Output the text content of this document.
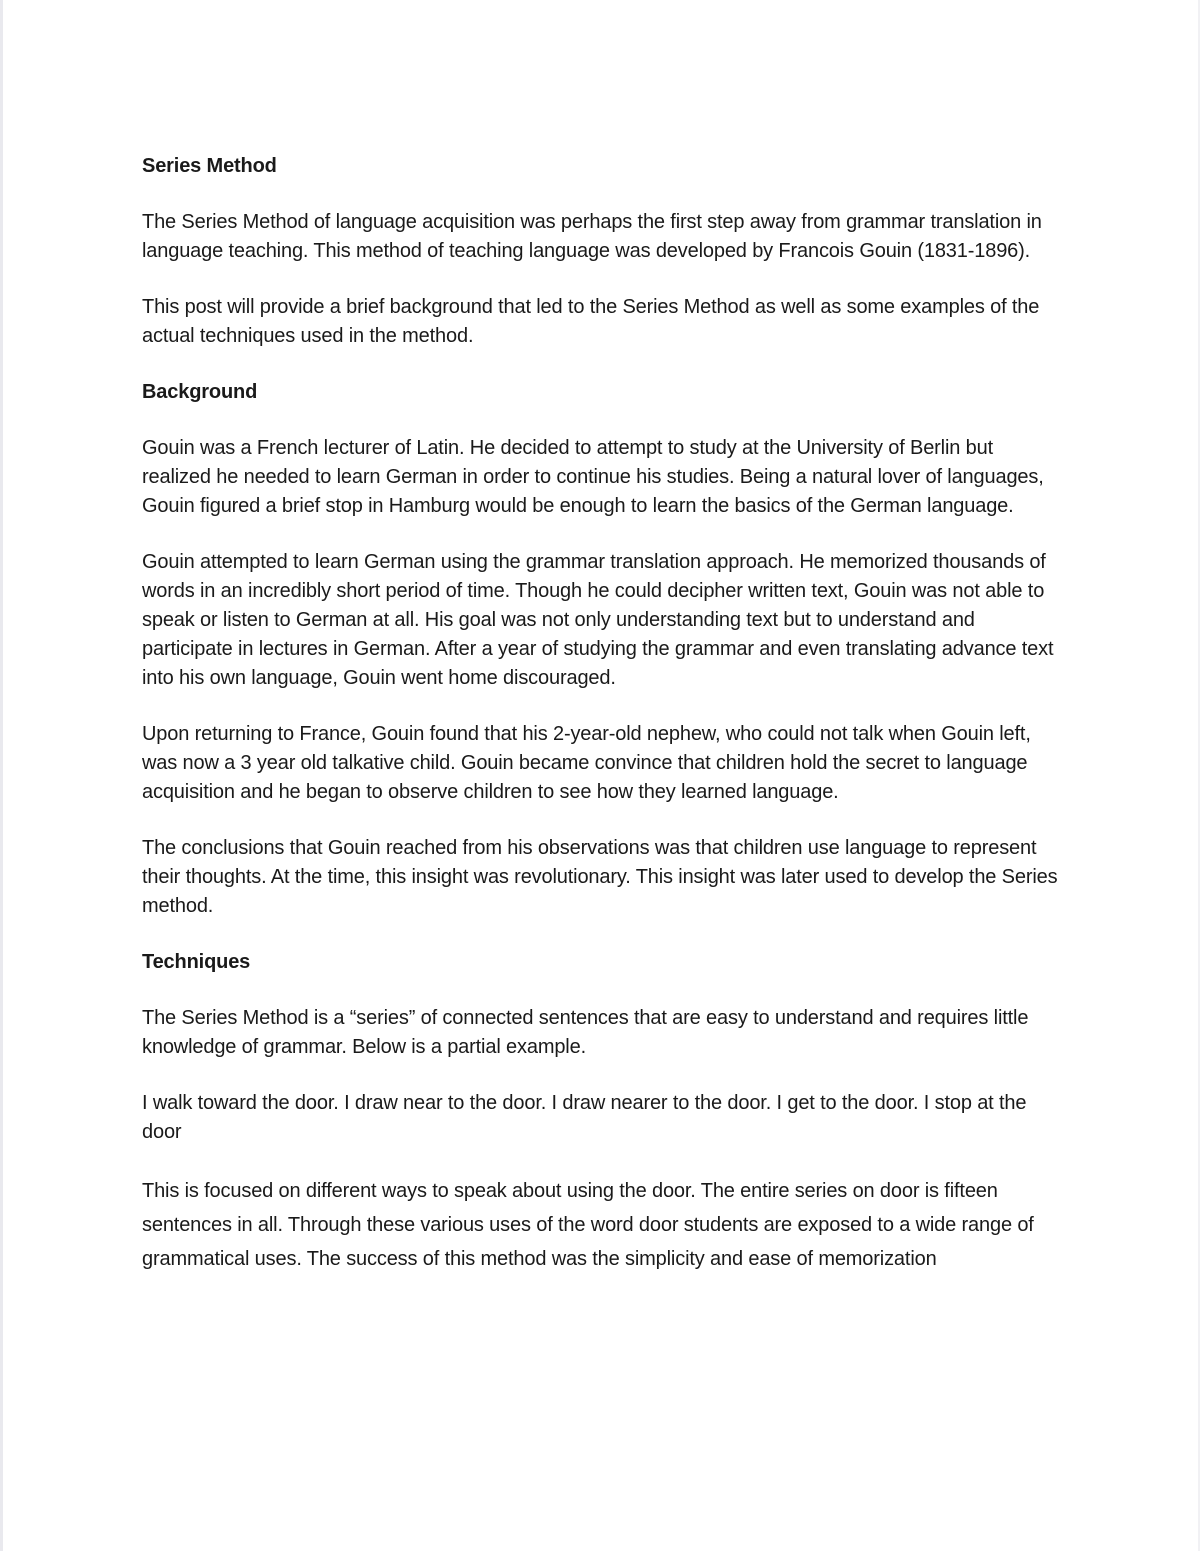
Series Method

The Series Method of language acquisition was perhaps the first step away from grammar translation in language teaching. This method of teaching language was developed by Francois Gouin (1831-1896).

This post will provide a brief background that led to the Series Method as well as some examples of the actual techniques used in the method.

Background

Gouin was a French lecturer of Latin. He decided to attempt to study at the University of Berlin but realized he needed to learn German in order to continue his studies. Being a natural lover of languages, Gouin figured a brief stop in Hamburg would be enough to learn the basics of the German language.

Gouin attempted to learn German using the grammar translation approach. He memorized thousands of words in an incredibly short period of time. Though he could decipher written text, Gouin was not able to speak or listen to German at all. His goal was not only understanding text but to understand and participate in lectures in German. After a year of studying the grammar and even translating advance text into his own language, Gouin went home discouraged.

Upon returning to France, Gouin found that his 2-year-old nephew, who could not talk when Gouin left, was now a 3 year old talkative child. Gouin became convince that children hold the secret to language acquisition and he began to observe children to see how they learned language.

The conclusions that Gouin reached from his observations was that children use language to represent their thoughts. At the time, this insight was revolutionary. This insight was later used to develop the Series method.

Techniques

The Series Method is a “series” of connected sentences that are easy to understand and requires little knowledge of grammar. Below is a partial example.

I walk toward the door. I draw near to the door. I draw nearer to the door. I get to the door. I stop at the door

This is focused on different ways to speak about using the door. The entire series on door is fifteen sentences in all. Through these various uses of the word door students are exposed to a wide range of grammatical uses. The success of this method was the simplicity and ease of memorization
